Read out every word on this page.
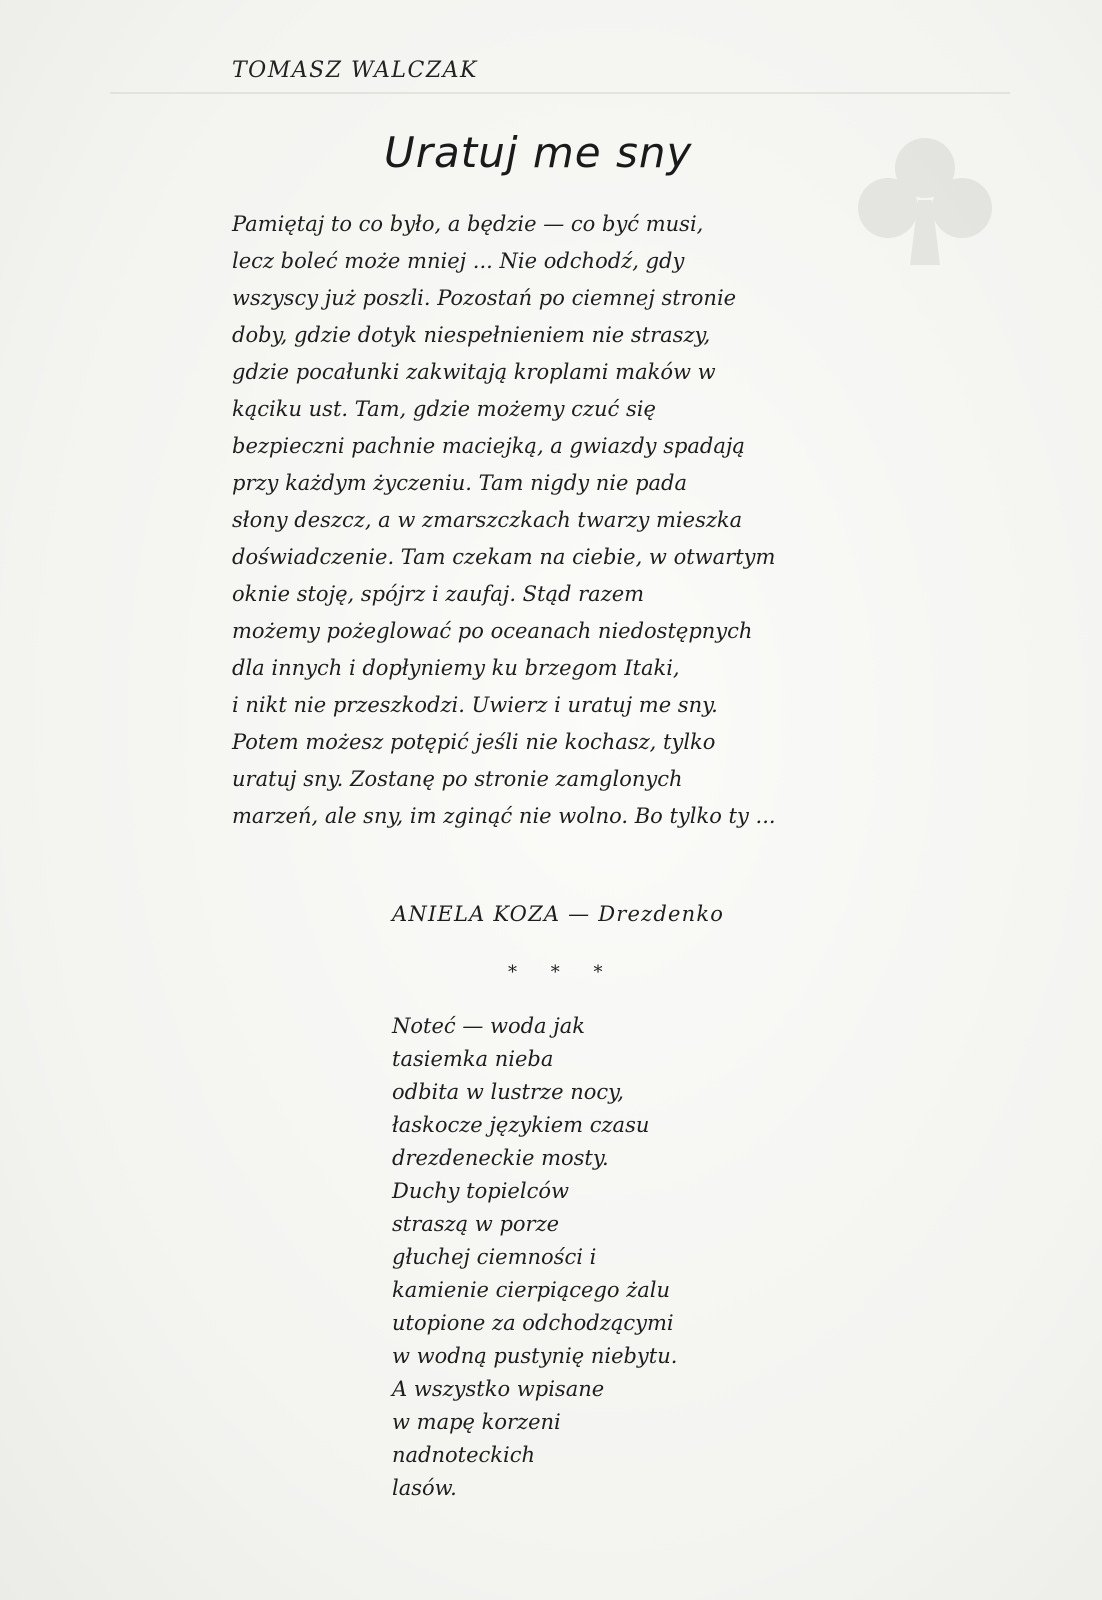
TOMASZ WALCZAK
Uratuj me sny
Pamiętaj to co było, a będzie — co być musi,
lecz boleć może mniej ... Nie odchodź, gdy
wszyscy już poszli. Pozostań po ciemnej stronie
doby, gdzie dotyk niespełnieniem nie straszy,
gdzie pocałunki zakwitają kroplami maków w
kąciku ust. Tam, gdzie możemy czuć się
bezpieczni pachnie maciejką, a gwiazdy spadają
przy każdym życzeniu. Tam nigdy nie pada
słony deszcz, a w zmarszczkach twarzy mieszka
doświadczenie. Tam czekam na ciebie, w otwartym
oknie stoję, spójrz i zaufaj. Stąd razem
możemy pożeglować po oceanach niedostępnych
dla innych i dopłyniemy ku brzegom Itaki,
i nikt nie przeszkodzi. Uwierz i uratuj me sny.
Potem możesz potępić jeśli nie kochasz, tylko
uratuj sny. Zostanę po stronie zamglonych
marzeń, ale sny, im zginąć nie wolno. Bo tylko ty ...
ANIELA KOZA — Drezdenko
* * *
Noteć — woda jak
tasiemka nieba
odbita w lustrze nocy,
łaskocze językiem czasu
drezdeneckie mosty.
Duchy topielców
straszą w porze
głuchej ciemności i
kamienie cierpiącego żalu
utopione za odchodzącymi
w wodną pustynię niebytu.
A wszystko wpisane
w mapę korzeni
nadnoteckich
lasów.
